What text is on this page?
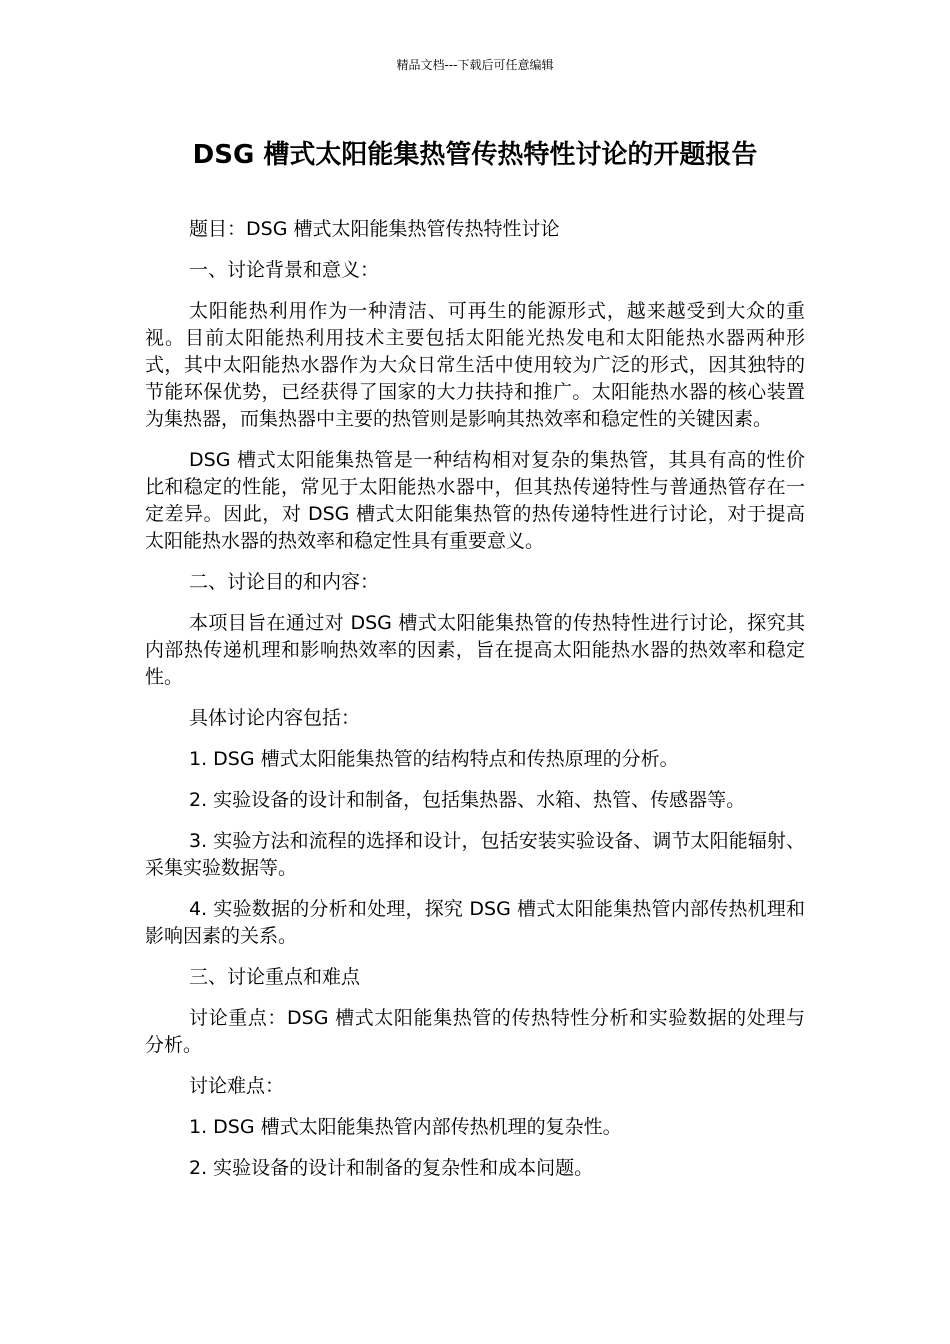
精品文档---下载后可任意编辑
DSG 槽式太阳能集热管传热特性讨论的开题报告

题目：DSG 槽式太阳能集热管传热特性讨论

一、讨论背景和意义：

太阳能热利用作为一种清洁、可再生的能源形式，越来越受到大众的重视。目前太阳能热利用技术主要包括太阳能光热发电和太阳能热水器两种形式，其中太阳能热水器作为大众日常生活中使用较为广泛的形式，因其独特的节能环保优势，已经获得了国家的大力扶持和推广。太阳能热水器的核心装置为集热器，而集热器中主要的热管则是影响其热效率和稳定性的关键因素。

DSG 槽式太阳能集热管是一种结构相对复杂的集热管，其具有高的性价比和稳定的性能，常见于太阳能热水器中，但其热传递特性与普通热管存在一定差异。因此，对 DSG 槽式太阳能集热管的热传递特性进行讨论，对于提高太阳能热水器的热效率和稳定性具有重要意义。

二、讨论目的和内容：

本项目旨在通过对 DSG 槽式太阳能集热管的传热特性进行讨论，探究其内部热传递机理和影响热效率的因素，旨在提高太阳能热水器的热效率和稳定性。

具体讨论内容包括：

1. DSG 槽式太阳能集热管的结构特点和传热原理的分析。

2. 实验设备的设计和制备，包括集热器、水箱、热管、传感器等。

3. 实验方法和流程的选择和设计，包括安装实验设备、调节太阳能辐射、采集实验数据等。

4. 实验数据的分析和处理，探究 DSG 槽式太阳能集热管内部传热机理和影响因素的关系。

三、讨论重点和难点

讨论重点：DSG 槽式太阳能集热管的传热特性分析和实验数据的处理与分析。

讨论难点：

1. DSG 槽式太阳能集热管内部传热机理的复杂性。

2. 实验设备的设计和制备的复杂性和成本问题。
